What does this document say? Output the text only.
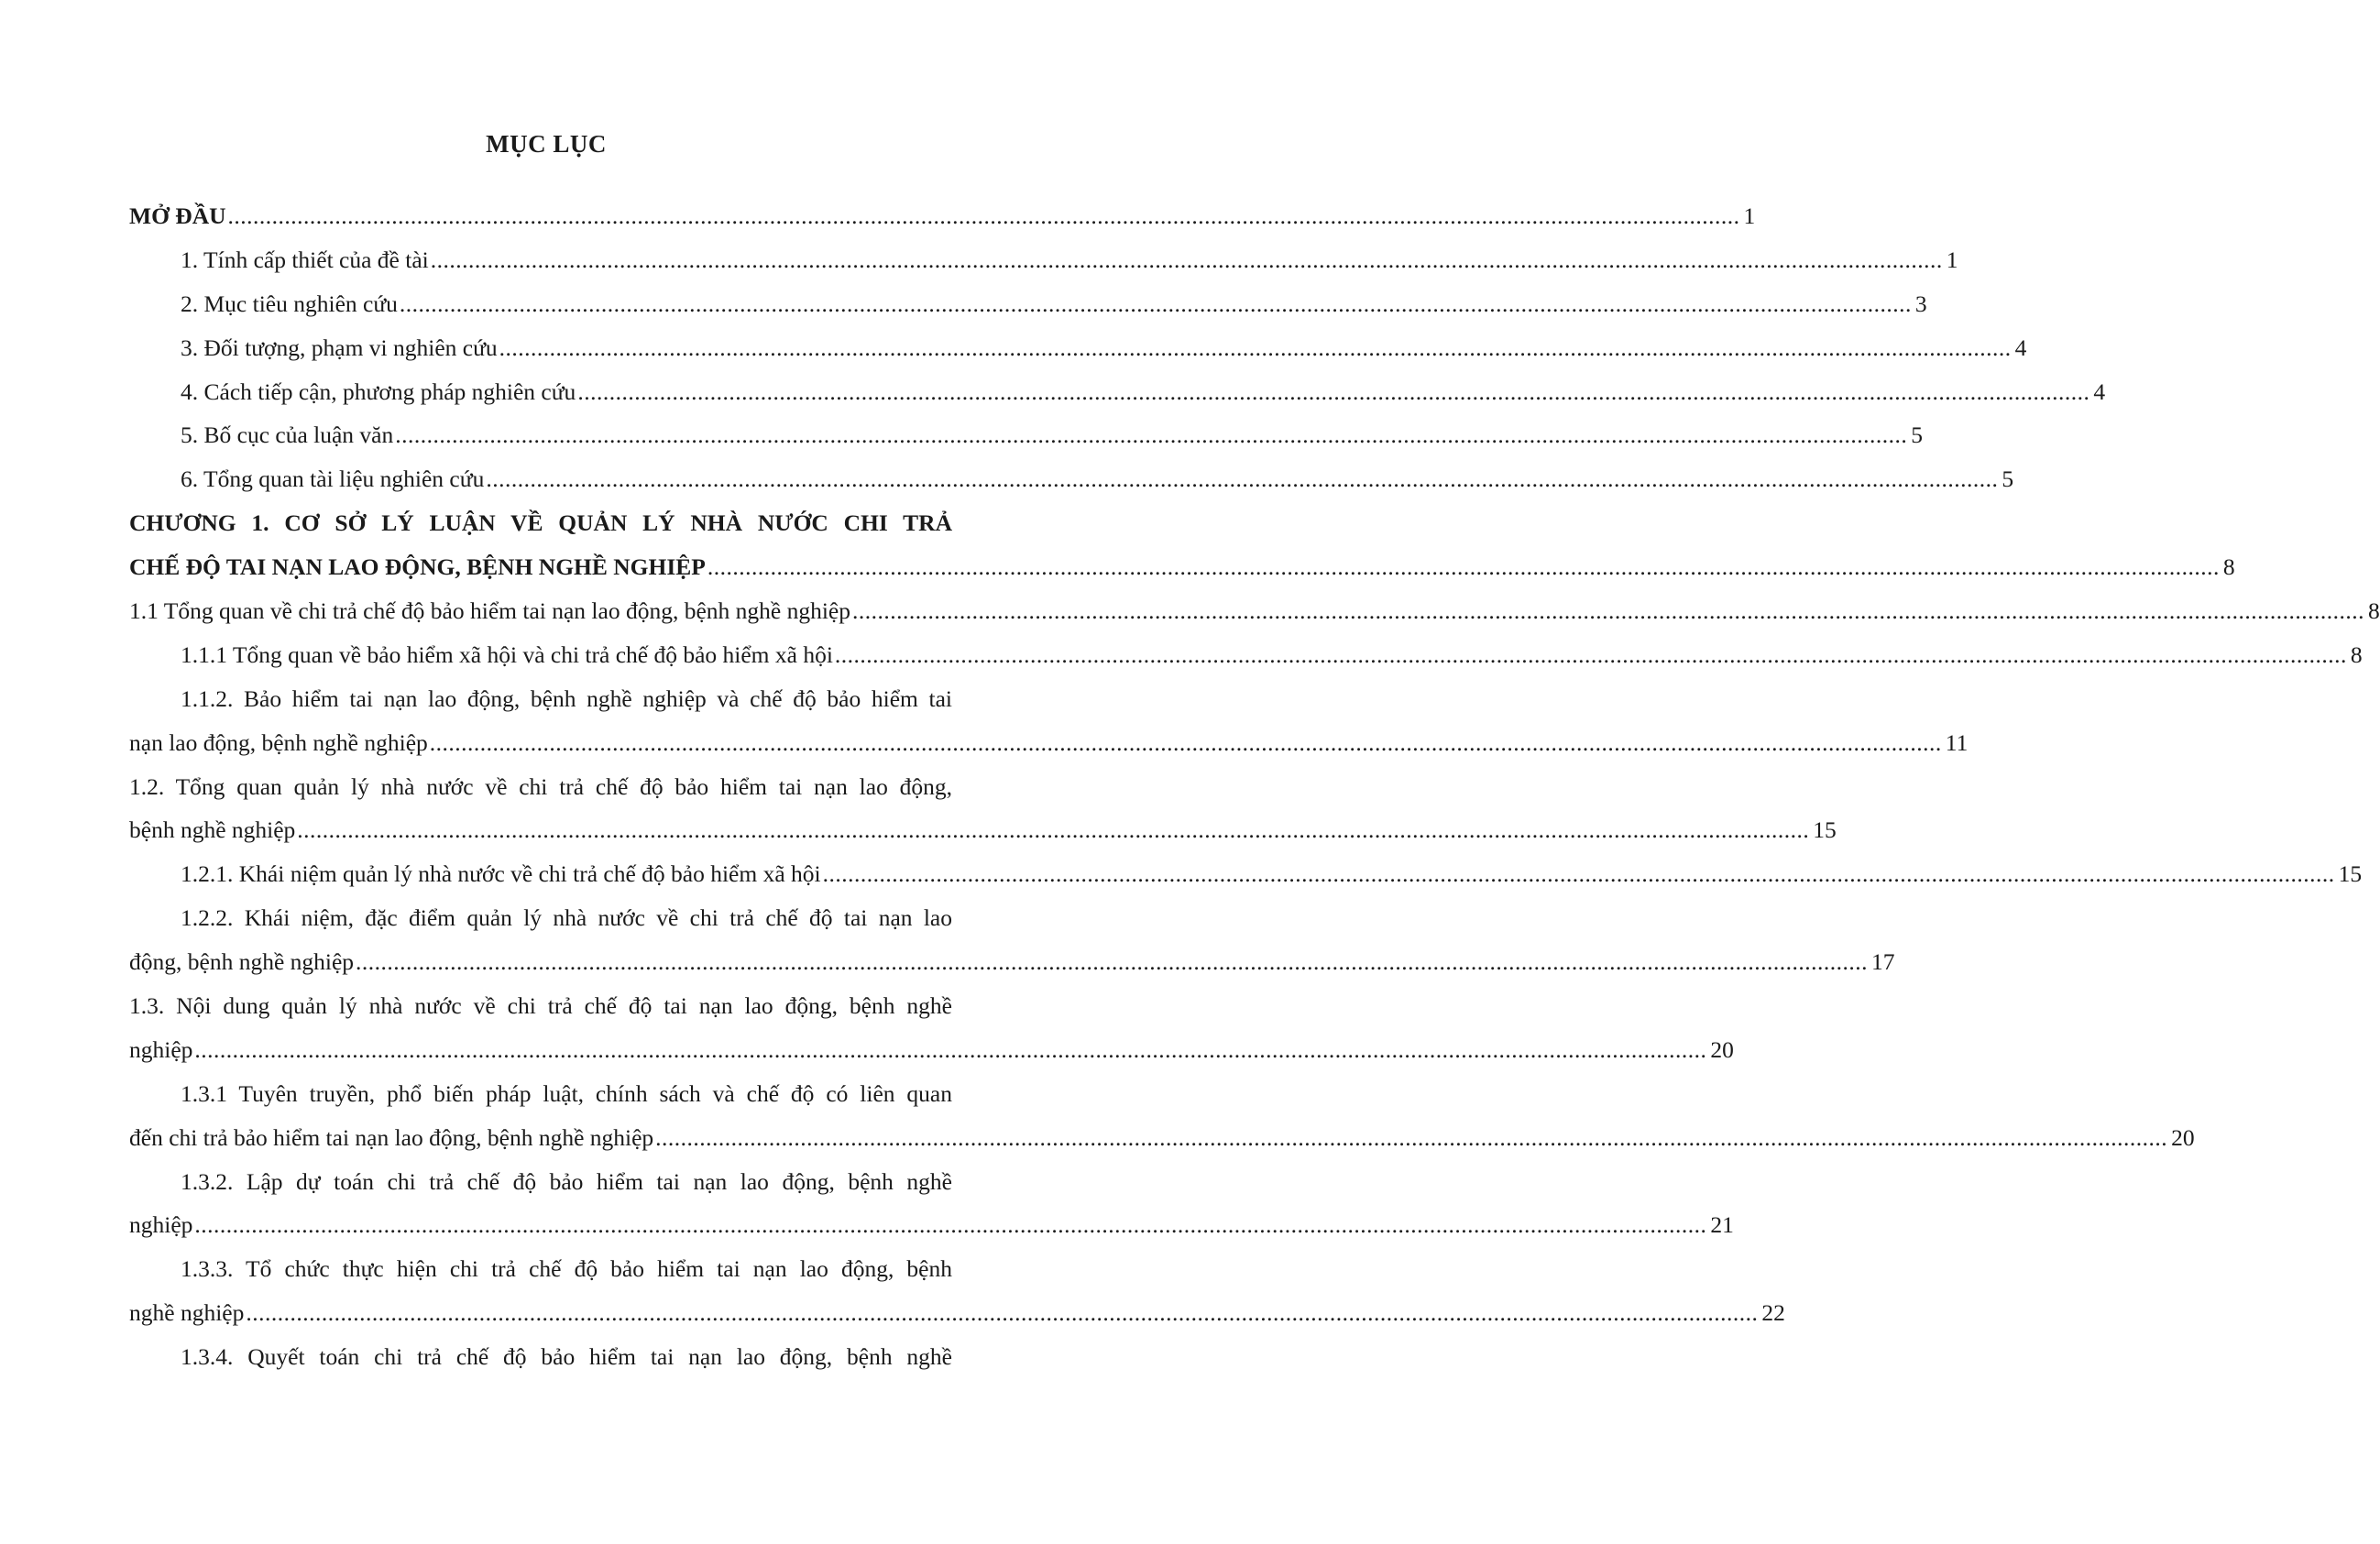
MỤC LỤC
MỞ ĐẦU ................................................................................................................................................................................................................................................ 1
1. Tính cấp thiết của đề tài ................................................................................................................................................................................................................................................ 1
2. Mục tiêu nghiên cứu ................................................................................................................................................................................................................................................ 3
3. Đối tượng, phạm vi nghiên cứu ................................................................................................................................................................................................................................................ 4
4. Cách tiếp cận, phương pháp nghiên cứu ................................................................................................................................................................................................................................................ 4
5. Bố cục của luận văn ................................................................................................................................................................................................................................................ 5
6. Tổng quan tài liệu nghiên cứu ................................................................................................................................................................................................................................................ 5
CHƯƠNG 1. CƠ SỞ LÝ LUẬN VỀ QUẢN LÝ NHÀ NƯỚC CHI TRẢ
CHẾ ĐỘ TAI NẠN LAO ĐỘNG, BỆNH NGHỀ NGHIỆP ................................................................................................................................................................................................................................................ 8
1.1 Tổng quan về chi trả chế độ bảo hiểm tai nạn lao động, bệnh nghề nghiệp ................................................................................................................................................................................................................................................ 8
1.1.1 Tổng quan về bảo hiểm xã hội và chi trả chế độ bảo hiểm xã hội ................................................................................................................................................................................................................................................ 8
1.1.2. Bảo hiểm tai nạn lao động, bệnh nghề nghiệp và chế độ bảo hiểm tai
nạn lao động, bệnh nghề nghiệp ................................................................................................................................................................................................................................................ 11
1.2. Tổng quan quản lý nhà nước về chi trả chế độ bảo hiểm tai nạn lao động,
bệnh nghề nghiệp ................................................................................................................................................................................................................................................ 15
1.2.1. Khái niệm quản lý nhà nước về chi trả chế độ bảo hiểm xã hội ................................................................................................................................................................................................................................................ 15
1.2.2. Khái niệm, đặc điểm quản lý nhà nước về chi trả chế độ tai nạn lao
động, bệnh nghề nghiệp ................................................................................................................................................................................................................................................ 17
1.3. Nội dung quản lý nhà nước về chi trả chế độ tai nạn lao động, bệnh nghề
nghiệp ................................................................................................................................................................................................................................................ 20
1.3.1 Tuyên truyền, phổ biến pháp luật, chính sách và chế độ có liên quan
đến chi trả bảo hiểm tai nạn lao động, bệnh nghề nghiệp ................................................................................................................................................................................................................................................ 20
1.3.2. Lập dự toán chi trả chế độ bảo hiểm tai nạn lao động, bệnh nghề
nghiệp ................................................................................................................................................................................................................................................ 21
1.3.3. Tổ chức thực hiện chi trả chế độ bảo hiểm tai nạn lao động, bệnh
nghề nghiệp ................................................................................................................................................................................................................................................ 22
1.3.4. Quyết toán chi trả chế độ bảo hiểm tai nạn lao động, bệnh nghề
